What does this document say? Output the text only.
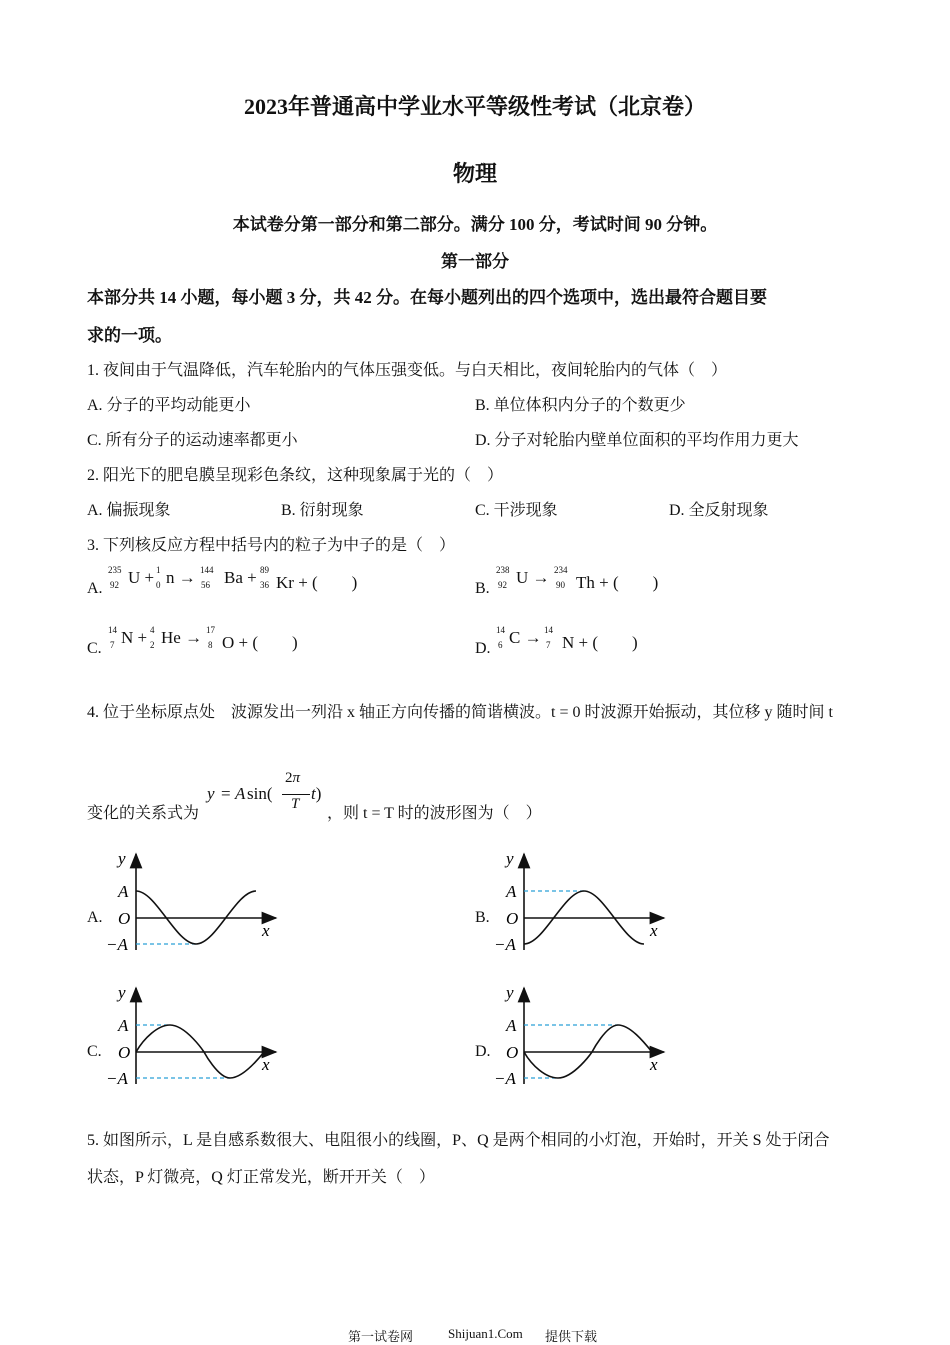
2023年普通高中学业水平等级性考试（北京卷）
物理
本试卷分第一部分和第二部分。满分 100 分，考试时间 90 分钟。
第一部分
本部分共 14 小题，每小题 3 分，共 42 分。在每小题列出的四个选项中，选出最符合题目要
求的一项。
1. 夜间由于气温降低，汽车轮胎内的气体压强变低。与白天相比，夜间轮胎内的气体（　）
A. 分子的平均动能更小	B. 单位体积内分子的个数更少
C. 所有分子的运动速率都更小	D. 分子对轮胎内壁单位面积的平均作用力更大
2. 阳光下的肥皂膜呈现彩色条纹，这种现象属于光的（　）
A. 偏振现象	B. 衍射现象	C. 干涉现象	D. 全反射现象
3. 下列核反应方程中括号内的粒子为中子的是（　）
A.
235
92 U + 1
0 n → 144
56 Ba + 89
36 Kr + (　　)	B.
238
92 U → 234
90 Th + (　　)
C.
14
7 N + 4
2 He → 17
8 O + (　　)	D.
14
6 C → 14
7 N + (　　)
4. 位于坐标原点处　波源发出一列沿 x 轴正方向传播的简谐横波。t = 0 时波源开始振动，其位移 y 随时间 t
变化的关系式为
y = A sin(
2π
T
t)
，则 t = T 时的波形图为（　）
A.	B.
C.	D.
y
A
O
−A
x
y
A
O
−A
x
y
A
O
−A
x
y
A
O
−A
x
5. 如图所示，L 是自感系数很大、电阻很小的线圈，P、Q 是两个相同的小灯泡，开始时，开关 S 处于闭合
状态，P 灯微亮，Q 灯正常发光，断开开关（　）
第一试卷网	Shijuan1.Com 提供下载
